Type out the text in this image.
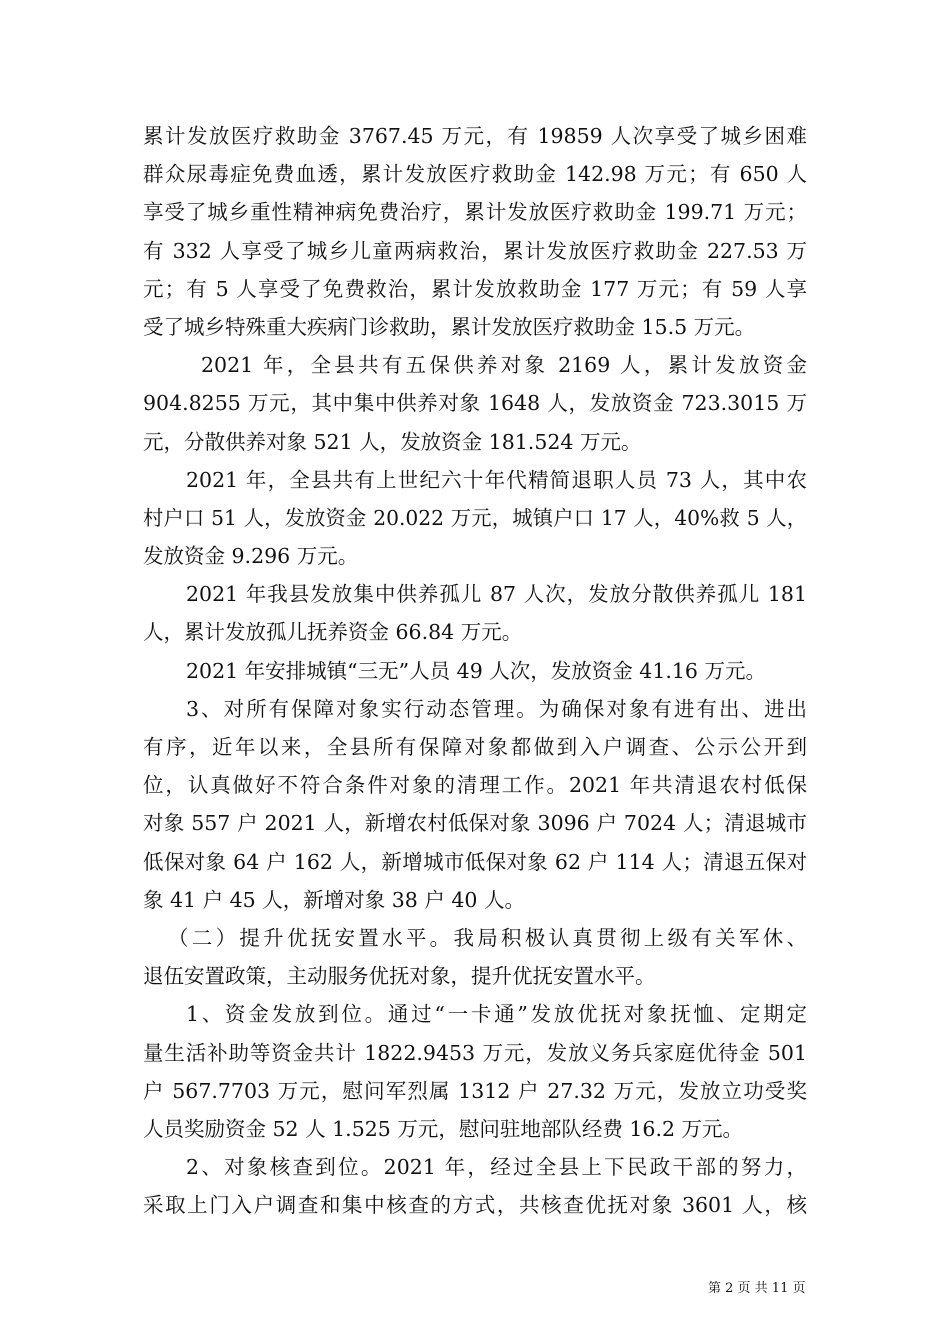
累计发放医疗救助金 3767.45 万元，有 19859 人次享受了城乡困难
群众尿毒症免费血透，累计发放医疗救助金 142.98 万元；有 650 人
享受了城乡重性精神病免费治疗，累计发放医疗救助金 199.71 万元；
有 332 人享受了城乡儿童两病救治，累计发放医疗救助金 227.53 万
元；有 5 人享受了免费救治，累计发放救助金 177 万元；有 59 人享
受了城乡特殊重大疾病门诊救助，累计发放医疗救助金 15.5 万元。
2021 年，全县共有五保供养对象 2169 人，累计发放资金
904.8255 万元，其中集中供养对象 1648 人，发放资金 723.3015 万
元，分散供养对象 521 人，发放资金 181.524 万元。
2021 年，全县共有上世纪六十年代精简退职人员 73 人，其中农
村户口 51 人，发放资金 20.022 万元，城镇户口 17 人，40%救 5 人，
发放资金 9.296 万元。
2021 年我县发放集中供养孤儿 87 人次，发放分散供养孤儿 181
人，累计发放孤儿抚养资金 66.84 万元。
2021 年安排城镇“三无”人员 49 人次，发放资金 41.16 万元。
3、对所有保障对象实行动态管理。为确保对象有进有出、进出
有序，近年以来，全县所有保障对象都做到入户调查、公示公开到
位，认真做好不符合条件对象的清理工作。2021 年共清退农村低保
对象 557 户 2021 人，新增农村低保对象 3096 户 7024 人；清退城市
低保对象 64 户 162 人，新增城市低保对象 62 户 114 人；清退五保对
象 41 户 45 人，新增对象 38 户 40 人。
（二）提升优抚安置水平。我局积极认真贯彻上级有关军休、
退伍安置政策，主动服务优抚对象，提升优抚安置水平。
1、资金发放到位。通过“一卡通”发放优抚对象抚恤、定期定
量生活补助等资金共计 1822.9453 万元，发放义务兵家庭优待金 501
户 567.7703 万元，慰问军烈属 1312 户 27.32 万元，发放立功受奖
人员奖励资金 52 人 1.525 万元，慰问驻地部队经费 16.2 万元。
2、对象核查到位。2021 年，经过全县上下民政干部的努力，
采取上门入户调查和集中核查的方式，共核查优抚对象 3601 人，核
第 2 页 共 11 页
